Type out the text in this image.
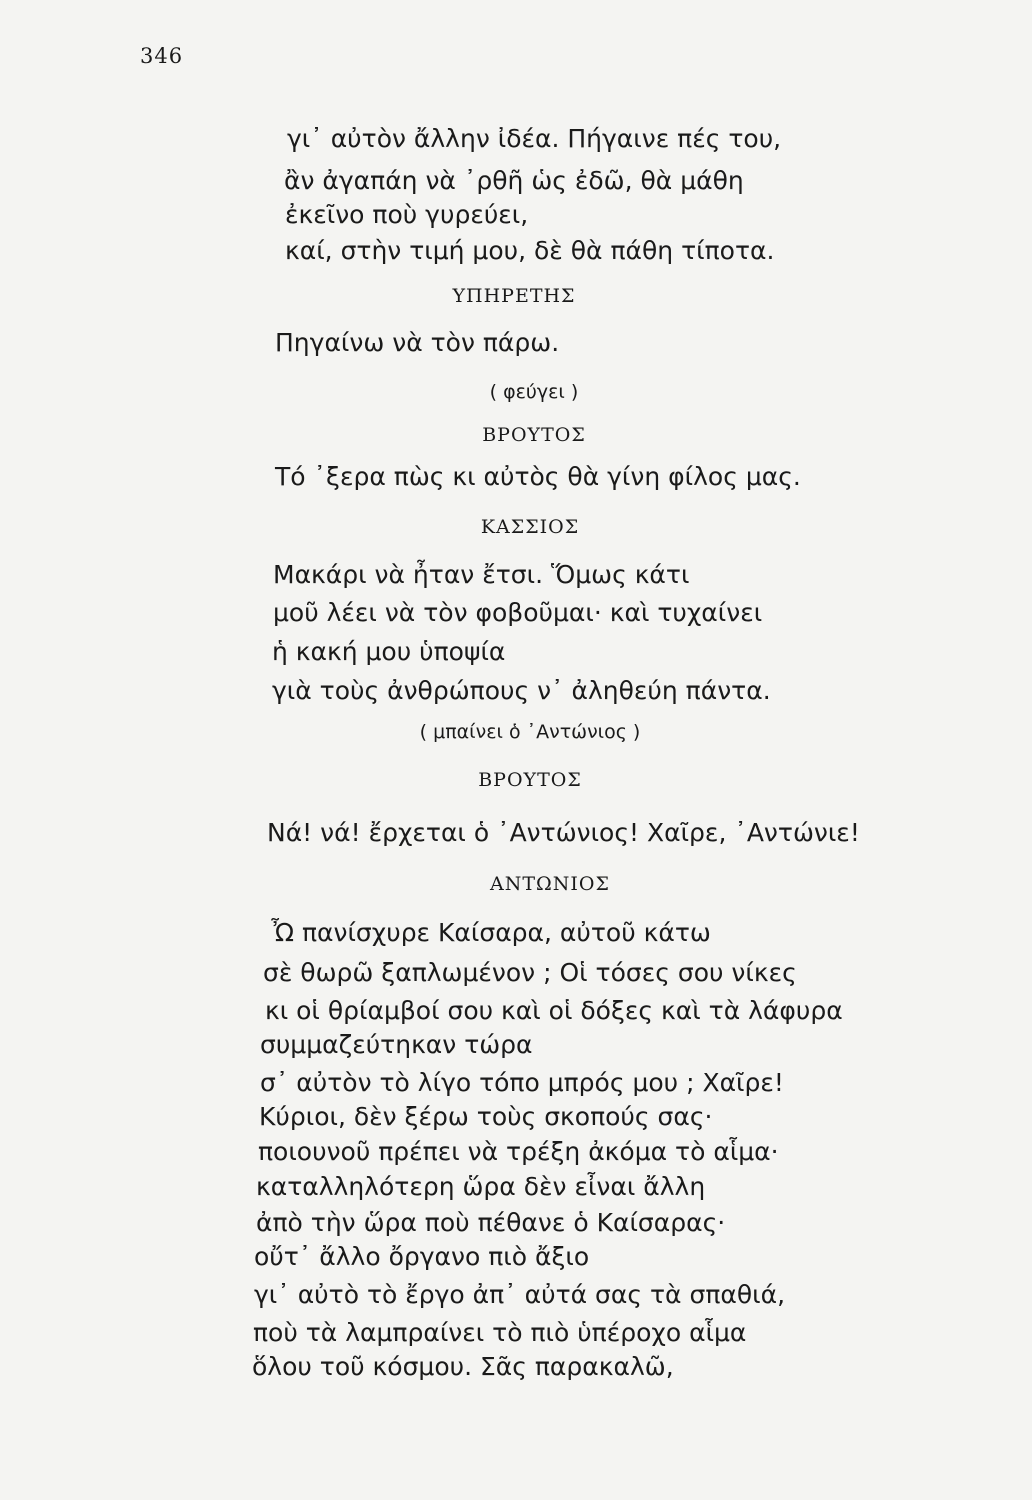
346
γι᾿ αὐτὸν ἄλλην ἰδέα. Πήγαινε πές του,
ἂν ἀγαπάη νὰ ᾿ρθῆ ὡς ἐδῶ, θὰ μάθη
ἐκεῖνο ποὺ γυρεύει,
καί, στὴν τιμή μου, δὲ θὰ πάθη τίποτα.
ΥΠΗΡΕΤΗΣ
Πηγαίνω νὰ τὸν πάρω.
( φεύγει )
ΒΡΟΥΤΟΣ
Τό ᾿ξερα πὼς κι αὐτὸς θὰ γίνη φίλος μας.
ΚΑΣΣΙΟΣ
Μακάρι νὰ ἦταν ἔτσι. Ὅμως κάτι
μοῦ λέει νὰ τὸν φοβοῦμαι· καὶ τυχαίνει
ἡ κακή μου ὑποψία
γιὰ τοὺς ἀνθρώπους ν᾿ ἀληθεύη πάντα.
( μπαίνει ὁ ᾿Αντώνιος )
ΒΡΟΥΤΟΣ
Νά! νά! ἔρχεται ὁ ᾿Αντώνιος! Χαῖρε, ᾿Αντώνιε!
ΑΝΤΩΝΙΟΣ
Ὦ πανίσχυρε Καίσαρα, αὐτοῦ κάτω
σὲ θωρῶ ξαπλωμένον ; Οἱ τόσες σου νίκες
κι οἱ θρίαμβοί σου καὶ οἱ δόξες καὶ τὰ λάφυρα
συμμαζεύτηκαν τώρα
σ᾿ αὐτὸν τὸ λίγο τόπο μπρός μου ; Χαῖρε!
Κύριοι, δὲν ξέρω τοὺς σκοπούς σας·
ποιουνοῦ πρέπει νὰ τρέξη ἀκόμα τὸ αἷμα·
καταλληλότερη ὥρα δὲν εἶναι ἄλλη
ἀπὸ τὴν ὥρα ποὺ πέθανε ὁ Καίσαρας·
οὔτ᾿ ἄλλο ὄργανο πιὸ ἄξιο
γι᾿ αὐτὸ τὸ ἔργο ἀπ᾿ αὐτά σας τὰ σπαθιά,
ποὺ τὰ λαμπραίνει τὸ πιὸ ὑπέροχο αἷμα
ὅλου τοῦ κόσμου. Σᾶς παρακαλῶ,
